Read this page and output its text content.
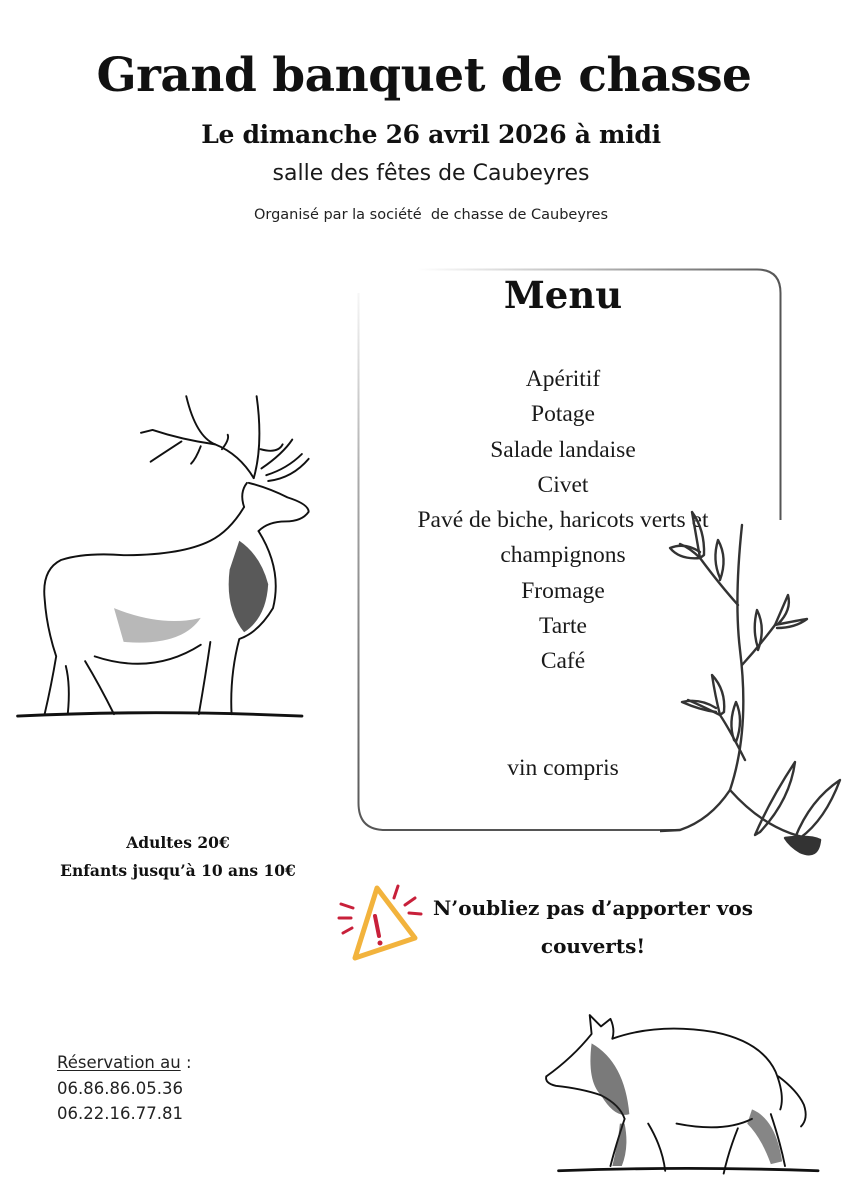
Grand banquet de chasse
Le dimanche 26 avril 2026 à midi
salle des fêtes de Caubeyres
Organisé par la société  de chasse de Caubeyres
Menu
Apéritif
Potage
Salade landaise
Civet
Pavé de biche, haricots verts et
champignons
Fromage
Tarte
Café
vin compris
Adultes 20€
Enfants jusqu’à 10 ans 10€
N’oubliez pas d’apporter vos
couverts!
Réservation au :
06.86.86.05.36
06.22.16.77.81
